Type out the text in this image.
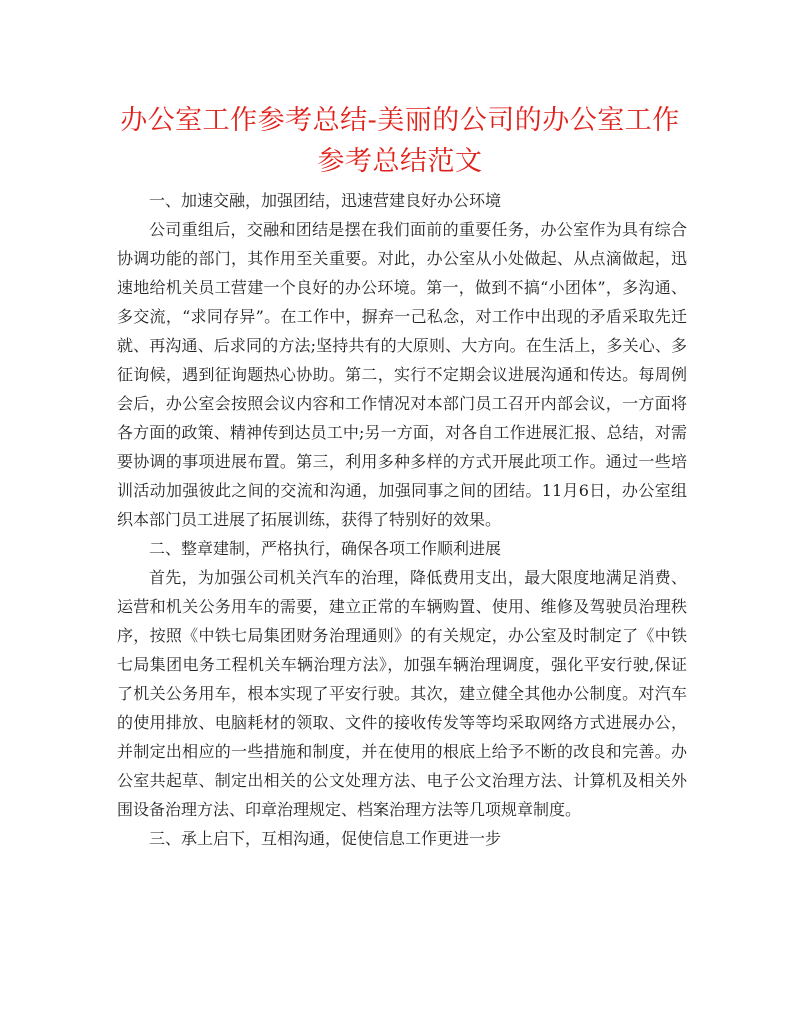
办公室工作参考总结-美丽的公司的办公室工作参考总结范文

一、加速交融，加强团结，迅速营建良好办公环境

公司重组后，交融和团结是摆在我们面前的重要任务，办公室作为具有综合协调功能的部门，其作用至关重要。对此，办公室从小处做起、从点滴做起，迅速地给机关员工营建一个良好的办公环境。第一，做到不搞“小团体”，多沟通、多交流，“求同存异”。在工作中，摒弃一己私念，对工作中出现的矛盾采取先迁就、再沟通、后求同的方法;坚持共有的大原则、大方向。在生活上，多关心、多征询候，遇到征询题热心协助。第二，实行不定期会议进展沟通和传达。每周例会后，办公室会按照会议内容和工作情况对本部门员工召开内部会议，一方面将各方面的政策、精神传到达员工中;另一方面，对各自工作进展汇报、总结，对需要协调的事项进展布置。第三，利用多种多样的方式开展此项工作。通过一些培训活动加强彼此之间的交流和沟通，加强同事之间的团结。11月6日，办公室组织本部门员工进展了拓展训练，获得了特别好的效果。

二、整章建制，严格执行，确保各项工作顺利进展

首先，为加强公司机关汽车的治理，降低费用支出，最大限度地满足消费、运营和机关公务用车的需要，建立正常的车辆购置、使用、维修及驾驶员治理秩序，按照《中铁七局集团财务治理通则》的有关规定，办公室及时制定了《中铁七局集团电务工程机关车辆治理方法》，加强车辆治理调度，强化平安行驶,保证了机关公务用车，根本实现了平安行驶。其次，建立健全其他办公制度。对汽车的使用排放、电脑耗材的领取、文件的接收传发等等均采取网络方式进展办公，并制定出相应的一些措施和制度，并在使用的根底上给予不断的改良和完善。办公室共起草、制定出相关的公文处理方法、电子公文治理方法、计算机及相关外围设备治理方法、印章治理规定、档案治理方法等几项规章制度。

三、承上启下，互相沟通，促使信息工作更进一步
